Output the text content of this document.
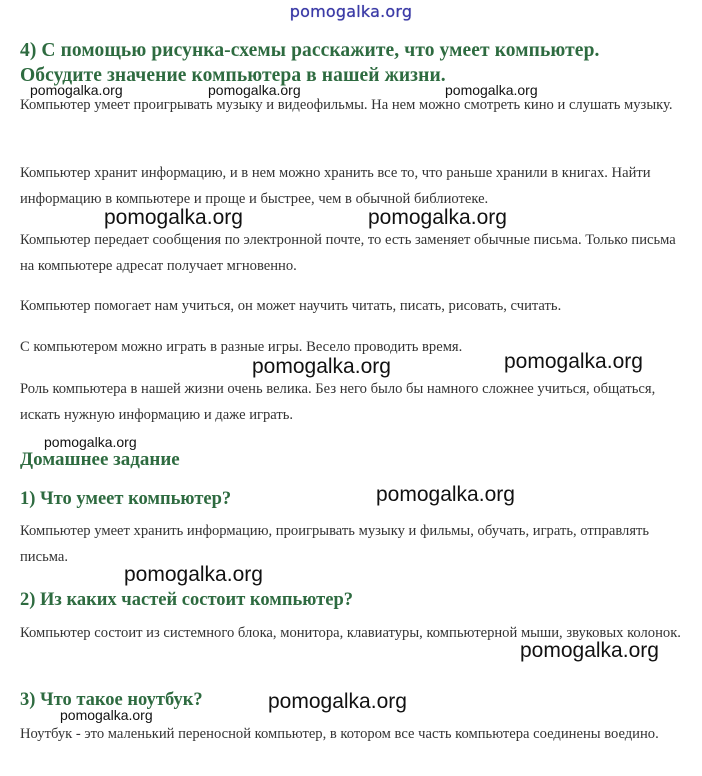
pomogalka.org
4) С помощью рисунка-схемы расскажите, что умеет компьютер. Обсудите значение компьютера в нашей жизни.

Компьютер умеет проигрывать музыку и видеофильмы. На нем можно смотреть кино и слушать музыку.

Компьютер хранит информацию, и в нем можно хранить все то, что раньше хранили в книгах. Найти информацию в компьютере и проще и быстрее, чем в обычной библиотеке.

Компьютер передает сообщения по электронной почте, то есть заменяет обычные письма. Только письма на компьютере адресат получает мгновенно.

Компьютер помогает нам учиться, он может научить читать, писать, рисовать, считать.

С компьютером можно играть в разные игры. Весело проводить время.

Роль компьютера в нашей жизни очень велика. Без него было бы намного сложнее учиться, общаться, искать нужную информацию и даже играть.

Домашнее задание
1) Что умеет компьютер?

Компьютер умеет хранить информацию, проигрывать музыку и фильмы, обучать, играть, отправлять письма.

2) Из каких частей состоит компьютер?

Компьютер состоит из системного блока, монитора, клавиатуры, компьютерной мыши, звуковых колонок.

3) Что такое ноутбук?

Ноутбук - это маленький переносной компьютер, в котором все часть компьютера соединены воедино.

pomogalka.org	pomogalka.org	pomogalka.org
pomogalka.org	pomogalka.org
pomogalka.org	pomogalka.org
pomogalka.org
pomogalka.org
pomogalka.org
pomogalka.org
pomogalka.org
pomogalka.org
